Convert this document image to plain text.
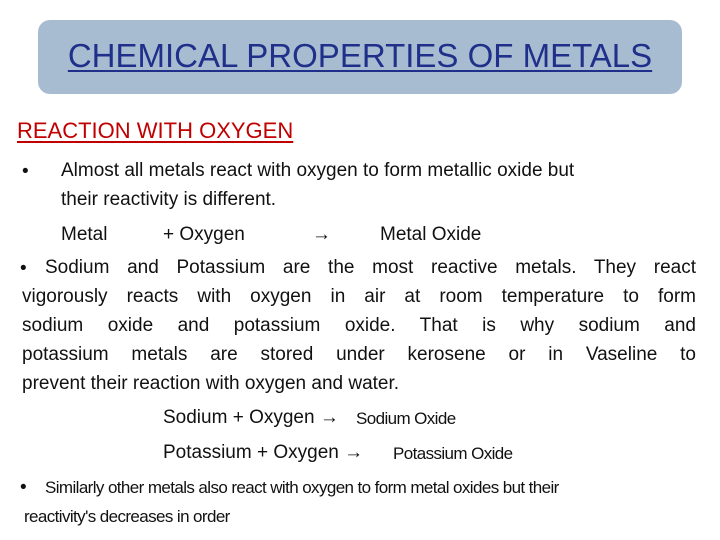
CHEMICAL PROPERTIES OF METALS
REACTION WITH OXYGEN
• Almost all metals react with oxygen to form metallic oxide but
their reactivity is different.
Metal	+ Oxygen	→	Metal Oxide
• Sodium and Potassium are the most reactive metals. They react
vigorously reacts with oxygen in air at room temperature to form
sodium oxide and potassium oxide. That is why sodium and
potassium metals are stored under kerosene or in Vaseline to
prevent their reaction with oxygen and water.
Sodium + Oxygen → Sodium Oxide
Potassium + Oxygen → Potassium Oxide
• Similarly other metals also react with oxygen to form metal oxides but their
reactivity's decreases in order
